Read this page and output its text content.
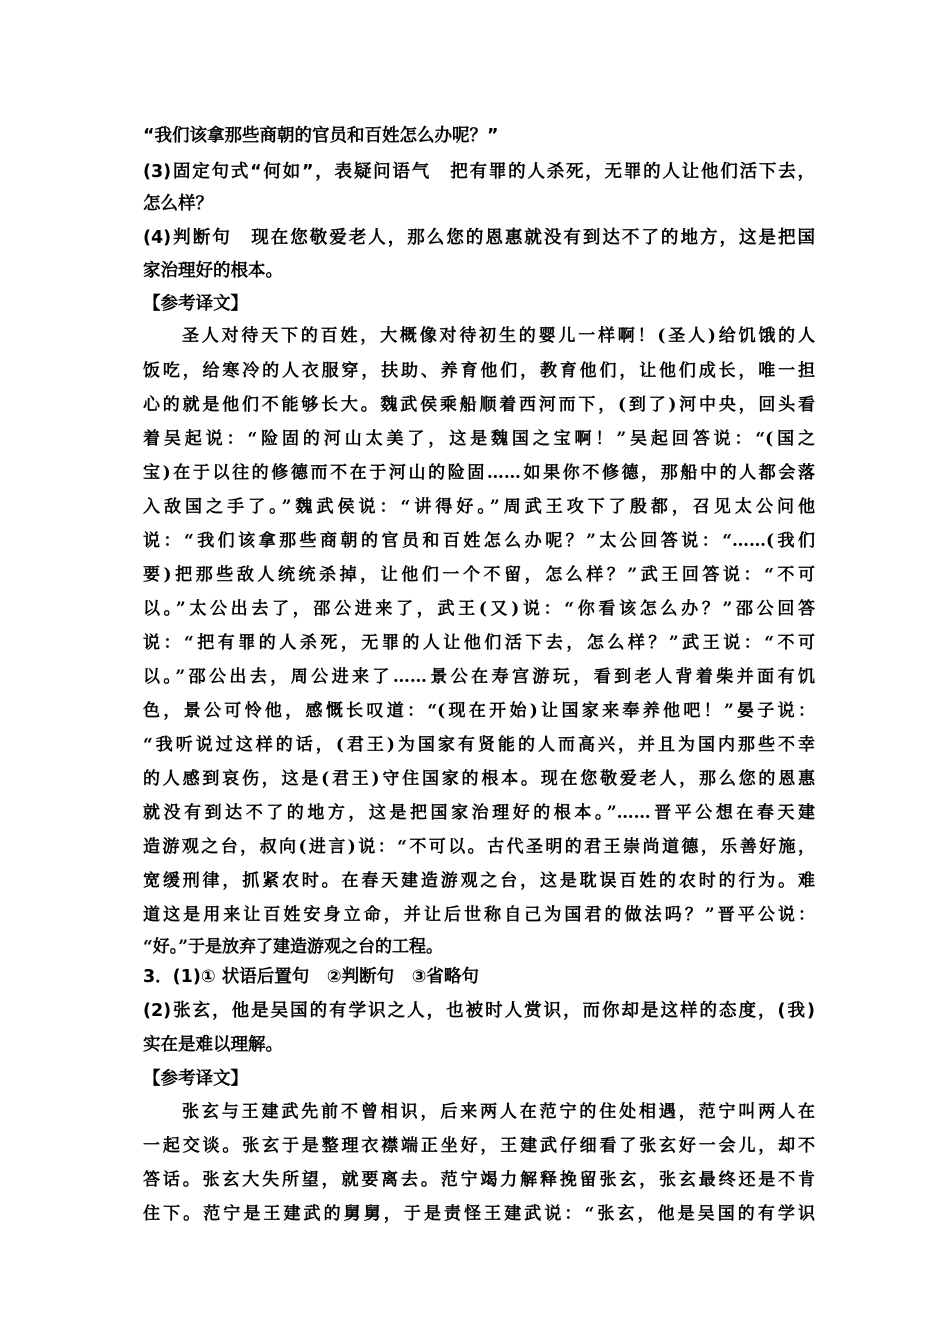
“我们该拿那些商朝的官员和百姓怎么办呢？”

(3)固定句式“何如”，表疑问语气　把有罪的人杀死，无罪的人让他们活下去，

怎么样？

(4)判断句　现在您敬爱老人，那么您的恩惠就没有到达不了的地方，这是把国

家治理好的根本。

【参考译文】

圣人对待天下的百姓，大概像对待初生的婴儿一样啊！(圣人)给饥饿的人

饭吃，给寒冷的人衣服穿，扶助、养育他们，教育他们，让他们成长，唯一担

心的就是他们不能够长大。魏武侯乘船顺着西河而下，(到了)河中央，回头看

着吴起说：“险固的河山太美了，这是魏国之宝啊！”吴起回答说：“(国之

宝)在于以往的修德而不在于河山的险固……如果你不修德，那船中的人都会落

入敌国之手了。”魏武侯说：“讲得好。”周武王攻下了殷都，召见太公问他

说：“我们该拿那些商朝的官员和百姓怎么办呢？”太公回答说：“……(我们

要)把那些敌人统统杀掉，让他们一个不留，怎么样？”武王回答说：“不可

以。”太公出去了，邵公进来了，武王(又)说：“你看该怎么办？”邵公回答

说：“把有罪的人杀死，无罪的人让他们活下去，怎么样？”武王说：“不可

以。”邵公出去，周公进来了……景公在寿宫游玩，看到老人背着柴并面有饥

色，景公可怜他，感慨长叹道：“(现在开始)让国家来奉养他吧！”晏子说：

“我听说过这样的话，(君王)为国家有贤能的人而高兴，并且为国内那些不幸

的人感到哀伤，这是(君王)守住国家的根本。现在您敬爱老人，那么您的恩惠

就没有到达不了的地方，这是把国家治理好的根本。”……晋平公想在春天建

造游观之台，叔向(进言)说：“不可以。古代圣明的君王崇尚道德，乐善好施，

宽缓刑律，抓紧农时。在春天建造游观之台，这是耽误百姓的农时的行为。难

道这是用来让百姓安身立命，并让后世称自己为国君的做法吗？”晋平公说：

“好。”于是放弃了建造游观之台的工程。

3．(1)① 状语后置句　②判断句　③省略句

(2)张玄，他是吴国的有学识之人，也被时人赏识，而你却是这样的态度，(我)

实在是难以理解。

【参考译文】

张玄与王建武先前不曾相识，后来两人在范宁的住处相遇，范宁叫两人在

一起交谈。张玄于是整理衣襟端正坐好，王建武仔细看了张玄好一会儿，却不

答话。张玄大失所望，就要离去。范宁竭力解释挽留张玄，张玄最终还是不肯

住下。范宁是王建武的舅舅，于是责怪王建武说：“张玄，他是吴国的有学识
